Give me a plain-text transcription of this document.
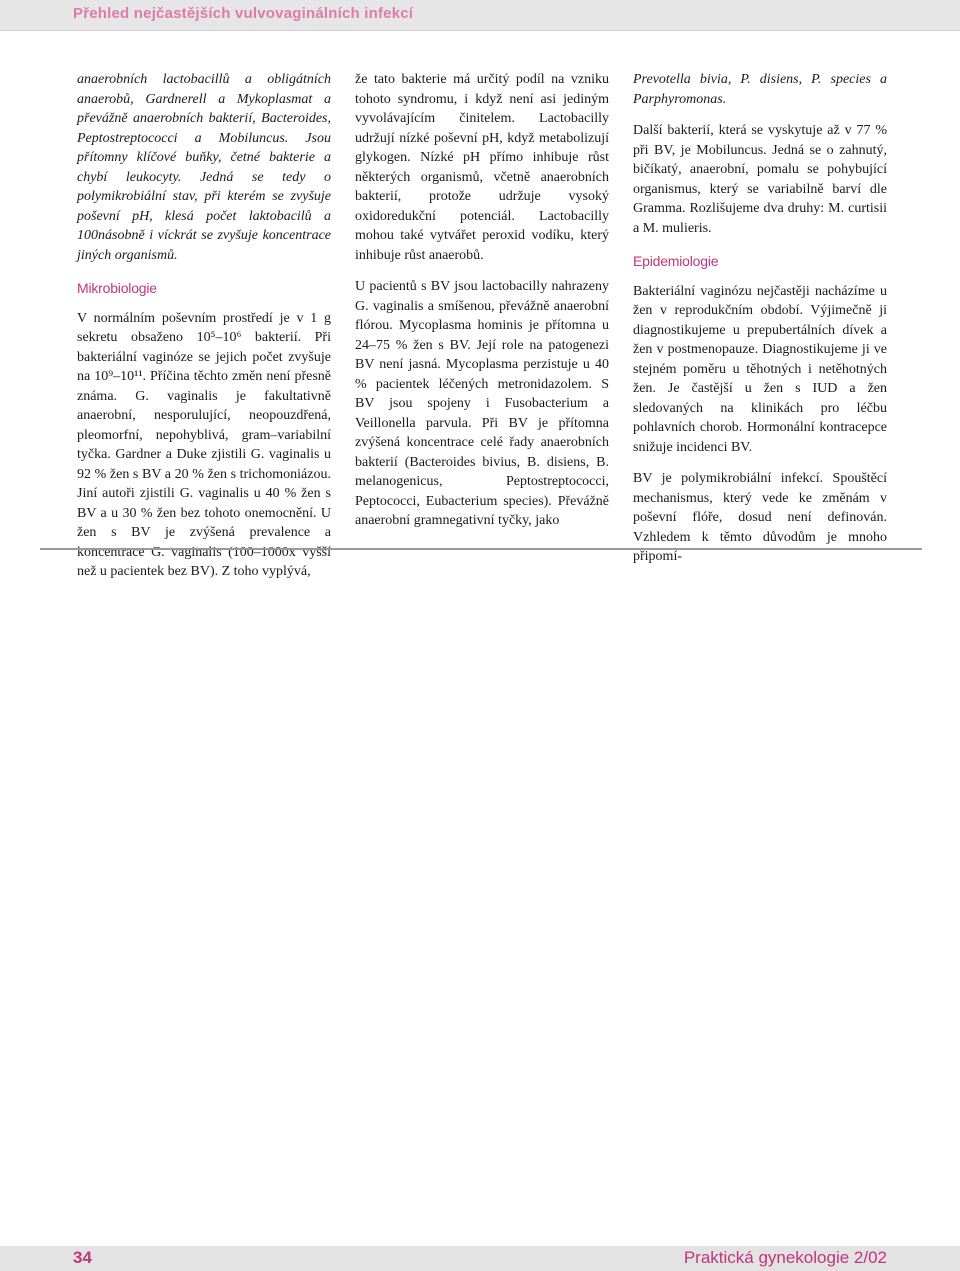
Přehled nejčastějších vulvovaginálních infekcí

anaerobních lactobacillů a obligátních anaerobů, Gardnerell a Mykoplasmat a převážně anaerobních bakterií, Bacteroides, Peptostreptococci a Mobiluncus. Jsou přítomny klíčové buňky, četné bakterie a chybí leukocyty. Jedná se tedy o polymikrobiální stav, při kterém se zvyšuje poševní pH, klesá počet laktobacilů a 100násobně i víckrát se zvyšuje koncentrace jiných organismů.

Mikrobiologie

V normálním poševním prostředí je v 1 g sekretu obsaženo 10⁵–10⁶ bakterií. Při bakteriální vaginóze se jejich počet zvyšuje na 10⁹–10¹¹. Příčina těchto změn není přesně známa. G. vaginalis je fakultativně anaerobní, nesporulující, neopouzdřená, pleomorfní, nepohyblivá, gram–variabilní tyčka. Gardner a Duke zjistili G. vaginalis u 92 % žen s BV a 20 % žen s trichomoniázou. Jiní autoři zjistili G. vaginalis u 40 % žen s BV a u 30 % žen bez tohoto onemocnění. U žen s BV je zvýšená prevalence a koncentrace G. vaginalis (100–1000x vyšší než u pacientek bez BV). Z toho vyplývá,

že tato bakterie má určitý podíl na vzniku tohoto syndromu, i když není asi jediným vyvolávajícím činitelem. Lactobacilly udržují nízké poševní pH, když metabolizují glykogen. Nízké pH přímo inhibuje růst některých organismů, včetně anaerobních bakterií, protože udržuje vysoký oxidoredukční potenciál. Lactobacilly mohou také vytvářet peroxid vodíku, který inhibuje růst anaerobů.

U pacientů s BV jsou lactobacilly nahrazeny G. vaginalis a smíšenou, převážně anaerobní flórou. Mycoplasma hominis je přítomna u 24–75 % žen s BV. Její role na patogenezi BV není jasná. Mycoplasma perzistuje u 40 % pacientek léčených metronidazolem. S BV jsou spojeny i Fusobacterium a Veillonella parvula. Při BV je přítomna zvýšená koncentrace celé řady anaerobních bakterií (Bacteroides bivius, B. disiens, B. melanogenicus, Peptostreptococci, Peptococci, Eubacterium species). Převážně anaerobní gramnegativní tyčky, jako

Prevotella bivia, P. disiens, P. species a Parphyromonas.

Další bakterií, která se vyskytuje až v 77 % při BV, je Mobiluncus. Jedná se o zahnutý, bičíkatý, anaerobní, pomalu se pohybující organismus, který se variabilně barví dle Gramma. Rozlišujeme dva druhy: M. curtisii a M. mulieris.

Epidemiologie

Bakteriální vaginózu nejčastěji nacházíme u žen v reprodukčním období. Výjimečně ji diagnostikujeme u prepubertálních dívek a žen v postmenopauze. Diagnostikujeme ji ve stejném poměru u těhotných i netěhotných žen. Je častější u žen s IUD a žen sledovaných na klinikách pro léčbu pohlavních chorob. Hormonální kontracepce snižuje incidenci BV.

BV je polymikrobiální infekcí. Spouštěcí mechanismus, který vede ke změnám v poševní flóře, dosud není definován. Vzhledem k těmto důvodům je mnoho připomí-

34	Praktická gynekologie 2/02
